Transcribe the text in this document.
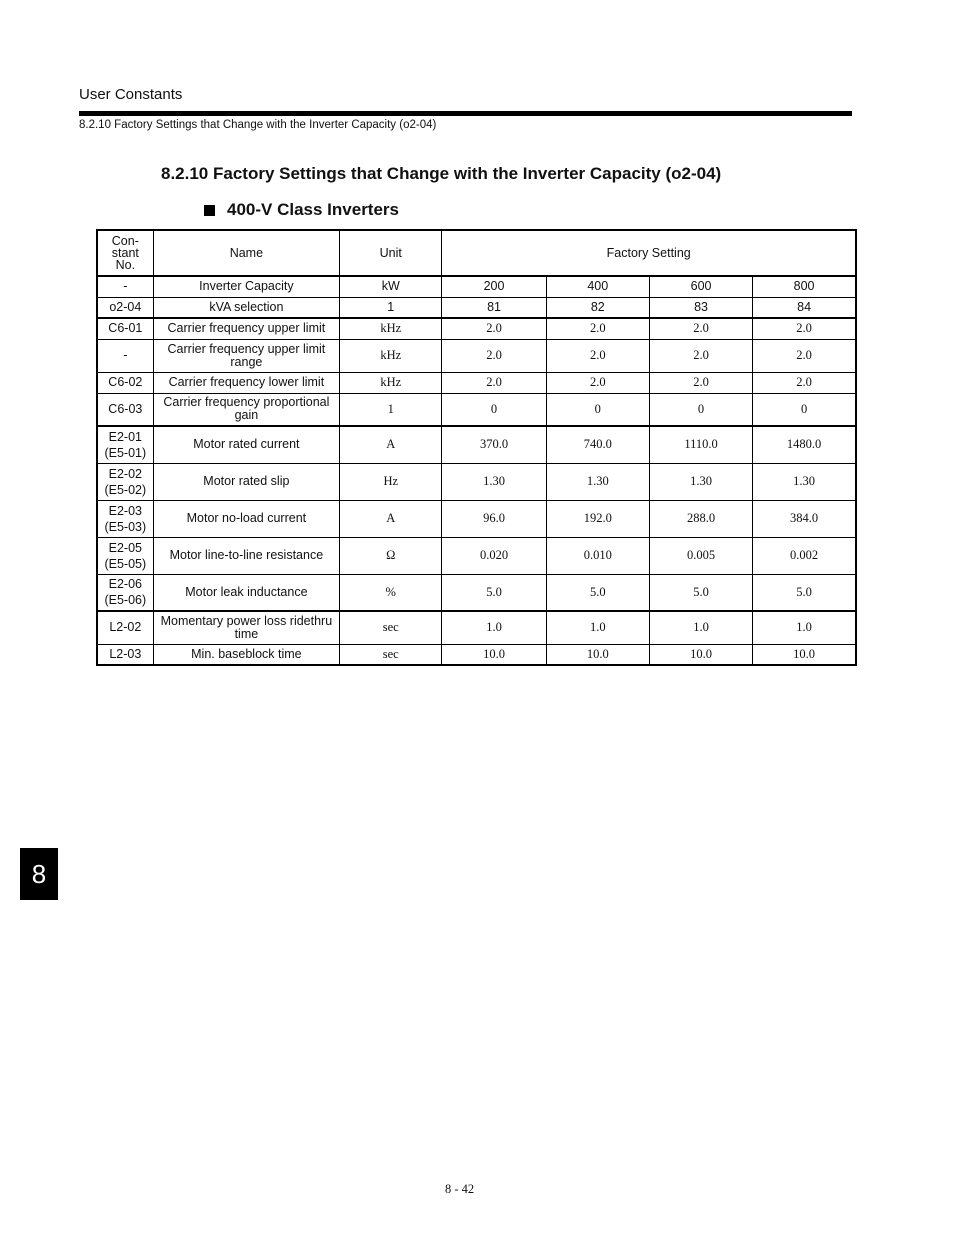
User Constants
8.2.10 Factory Settings that Change with the Inverter Capacity (o2-04)
8.2.10 Factory Settings that Change with the Inverter Capacity (o2-04)
400-V Class Inverters
Con-
stant
No.	Name	Unit	Factory Setting			
-	Inverter Capacity	kW	200	400	600	800
o2-04	kVA selection	1	81	82	83	84
C6-01	Carrier frequency upper limit	kHz	2.0	2.0	2.0	2.0
-	Carrier frequency upper limit range	kHz	2.0	2.0	2.0	2.0
C6-02	Carrier frequency lower limit	kHz	2.0	2.0	2.0	2.0
C6-03	Carrier frequency proportional gain	1	0	0	0	0
E2-01
(E5-01)	Motor rated current	A	370.0	740.0	1110.0	1480.0
E2-02
(E5-02)	Motor rated slip	Hz	1.30	1.30	1.30	1.30
E2-03
(E5-03)	Motor no-load current	A	96.0	192.0	288.0	384.0
E2-05
(E5-05)	Motor line-to-line resistance	Ω	0.020	0.010	0.005	0.002
E2-06
(E5-06)	Motor leak inductance	%	5.0	5.0	5.0	5.0
L2-02	Momentary power loss ridethru time	sec	1.0	1.0	1.0	1.0
L2-03	Min. baseblock time	sec	10.0	10.0	10.0	10.0
8
8 - 42
